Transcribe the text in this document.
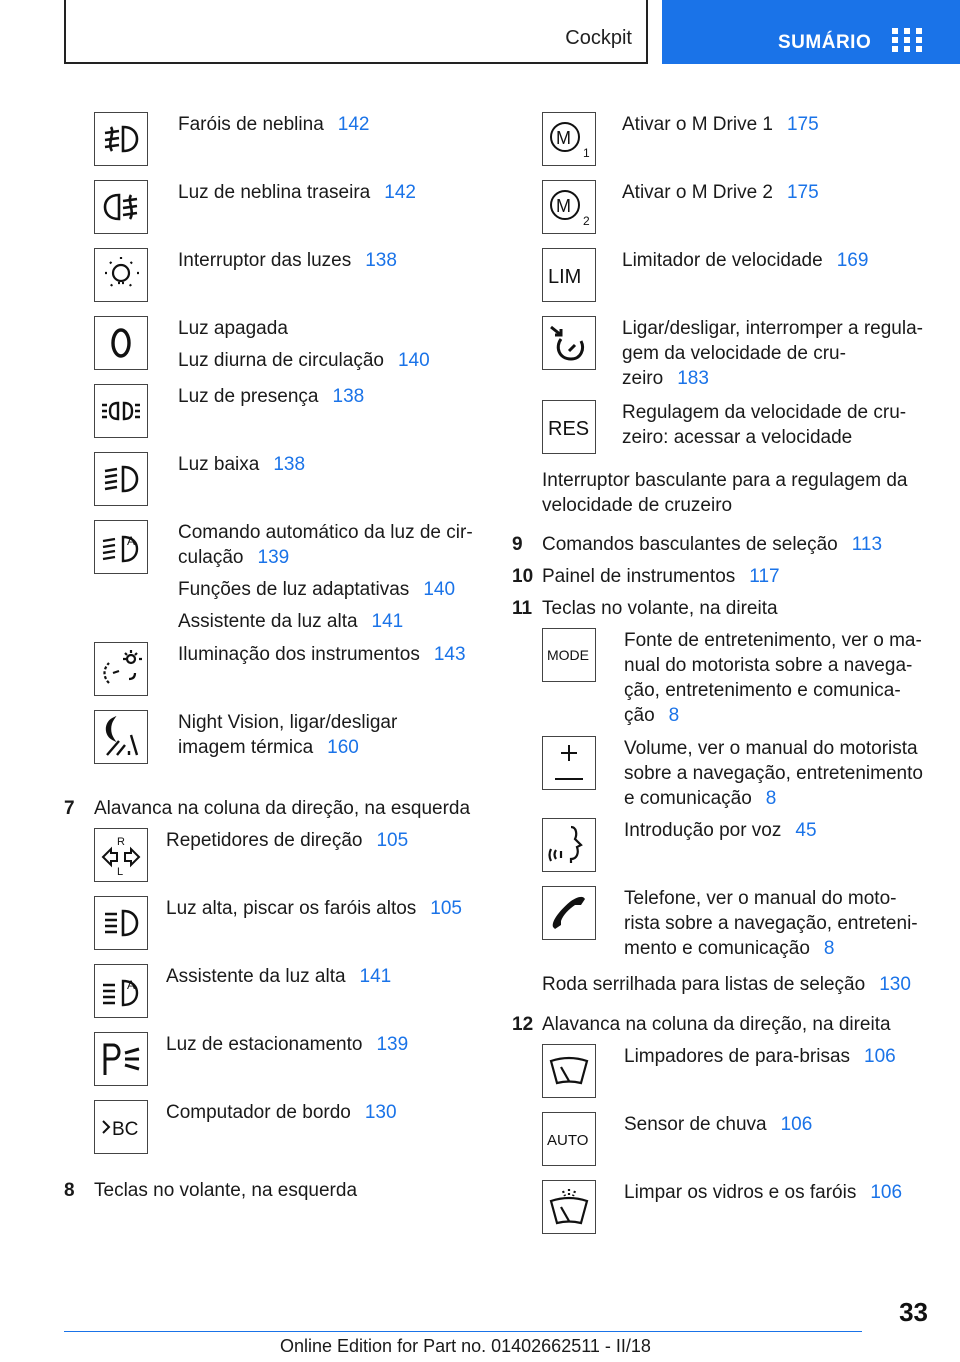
Cockpit	SUMÁRIO

Faróis de neblina 142

Luz de neblina traseira 142

Interruptor das luzes 138

Luz apagada

Luz diurna de circulação 140

Luz de presença 138

Luz baixa 138

A Comando automático da luz de cir-culação 139

Funções de luz adaptativas 140

Assistente da luz alta 141

Iluminação dos instrumentos 143

Night Vision, ligar/desligar imagem térmica 160

7 Alavanca na coluna da direção, na esquerda

R
L

Repetidores de direção 105

Luz alta, piscar os faróis altos 105

A Assistente da luz alta 141

Luz de estacionamento 139

BC

Computador de bordo 130

8 Teclas no volante, na esquerda

M
1

Ativar o M Drive 1 175

M
2

Ativar o M Drive 2 175

LIM

Limitador de velocidade 169

Ligar/desligar, interromper a regula-gem da velocidade de cru-zeiro 183

RES

Regulagem da velocidade de cru-zeiro: acessar a velocidade

Interruptor basculante para a regulagem da velocidade de cruzeiro

9 Comandos basculantes de seleção 113

10 Painel de instrumentos 117

11 Teclas no volante, na direita

MODE

Fonte de entretenimento, ver o ma-nual do motorista sobre a navega-ção, entretenimento e comunica-ção 8

Volume, ver o manual do motorista sobre a navegação, entretenimento e comunicação 8

Introdução por voz 45

Telefone, ver o manual do moto-rista sobre a navegação, entreteni-mento e comunicação 8

Roda serrilhada para listas de seleção 130

12 Alavanca na coluna da direção, na direita

Limpadores de para-brisas 106

AUTO

Sensor de chuva 106

Limpar os vidros e os faróis 106

33
Online Edition for Part no. 01402662511 - II/18
